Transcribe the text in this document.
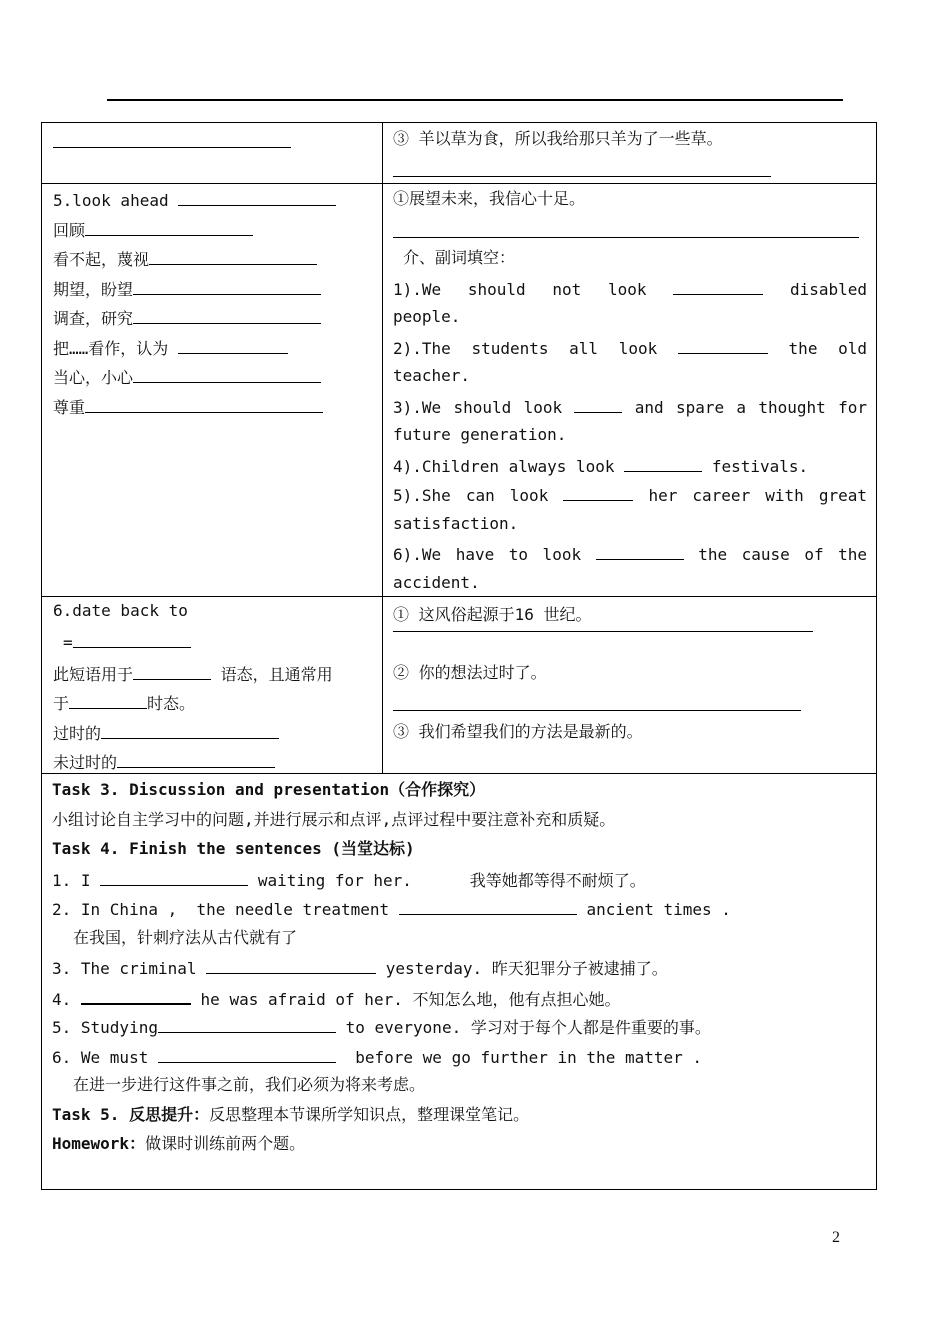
③ 羊以草为食，所以我给那只羊为了一些草。
5.look ahead
回顾
看不起，蔑视
期望，盼望
调查，研究
把……看作，认为
当心，小心
尊重
①展望未来，我信心十足。
介、副词填空：
1).We should not look	disabled
people.
2).The students all look	the old
teacher.
3).We should look	and spare a thought for
future generation.
4).Children always look	festivals.
5).She can look	her career with great
satisfaction.
6).We have to look	the cause of the
accident.
6.date back to
=
此短语用于	语态，且通常用
于	时态。
过时的
未过时的
① 这风俗起源于16 世纪。
② 你的想法过时了。
③ 我们希望我们的方法是最新的。
Task 3. Discussion and presentation（合作探究）
小组讨论自主学习中的问题,并进行展示和点评,点评过程中要注意补充和质疑。
Task 4. Finish the sentences (当堂达标)
1. I	waiting for her.	我等她都等得不耐烦了。
2. In China ,  the needle treatment	ancient times .
在我国，针刺疗法从古代就有了
3. The criminal	yesterday. 昨天犯罪分子被逮捕了。
4.	he was afraid of her. 不知怎么地，他有点担心她。
5. Studying	to everyone. 学习对于每个人都是件重要的事。
6. We must	before we go further in the matter .
在进一步进行这件事之前，我们必须为将来考虑。
Task 5. 反思提升：反思整理本节课所学知识点，整理课堂笔记。
Homework：做课时训练前两个题。
2
